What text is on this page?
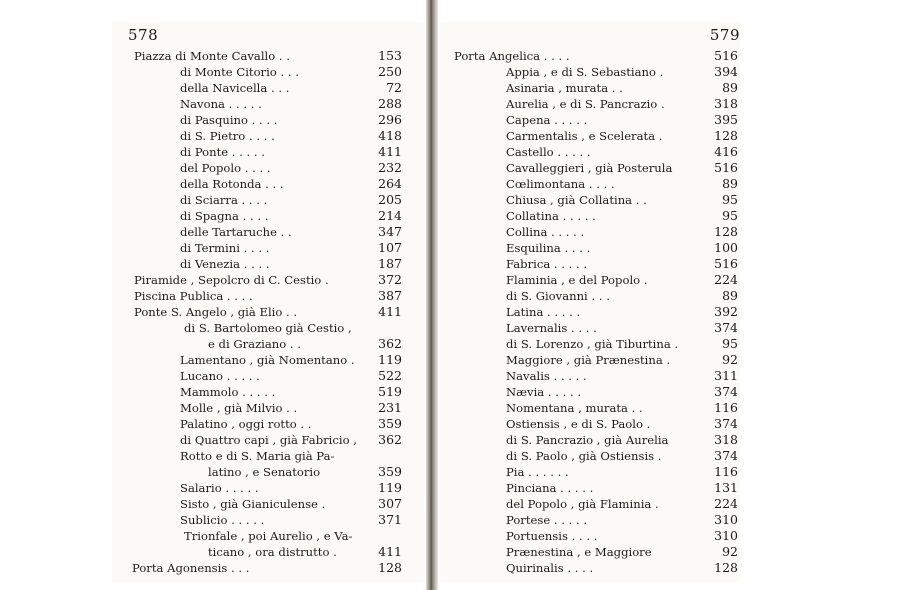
578
Piazza di Monte Cavallo . .	153
di Monte Citorio . . .	250
della Navicella . . .	72
Navona . . . . .	288
di Pasquino . . . .	296
di S. Pietro . . . .	418
di Ponte . . . . .	411
del Popolo . . . .	232
della Rotonda . . .	264
di Sciarra . . . .	205
di Spagna . . . .	214
delle Tartaruche . .	347
di Termini . . . .	107
di Venezia . . . .	187
Piramide , Sepolcro di C. Cestio .	372
Piscina Publica . . . .	387
Ponte S. Angelo , già Elio . .	411
di S. Bartolomeo già Cestio ,
e di Graziano . .	362
Lamentano , già Nomentano . 119
Lucano . . . . .	522
Mammolo . . . . .	519
Molle , già Milvio . .	231
Palatino , oggi rotto . .	359
di Quattro capi , già Fabricio , 362
Rotto e di S. Maria già Pa-
latino , e Senatorio	359
Salario . . . . .	119
Sisto , già Gianiculense .	307
Sublicio . . . . .	371
Trionfale , poi Aurelio , e Va-
ticano , ora distrutto .	411
Porta Agonensis . . .	128
579
Porta Angelica . . . .	516
Appia , e di S. Sebastiano .	394
Asinaria , murata . .	89
Aurelia , e di S. Pancrazio .	318
Capena . . . . .	395
Carmentalis , e Scelerata .	128
Castello . . . . .	416
Cavalleggieri , già Posterula	516
Cœlimontana . . . .	89
Chiusa , già Collatina . .	95
Collatina . . . . .	95
Collina . . . . .	128
Esquilina . . . .	100
Fabrica . . . . .	516
Flaminia , e del Popolo .	224
di S. Giovanni . . .	89
Latina . . . . .	392
Lavernalis . . . .	374
di S. Lorenzo , già Tiburtina .	95
Maggiore , già Prænestina .	92
Navalis . . . . .	311
Nævia . . . . .	374
Nomentana , murata . .	116
Ostiensis , e di S. Paolo .	374
di S. Pancrazio , già Aurelia	318
di S. Paolo , già Ostiensis .	374
Pia . . . . . .	116
Pinciana . . . . .	131
del Popolo , già Flaminia .	224
Portese . . . . .	310
Portuensis . . . .	310
Prænestina , e Maggiore	92
Quirinalis . . . .	128
